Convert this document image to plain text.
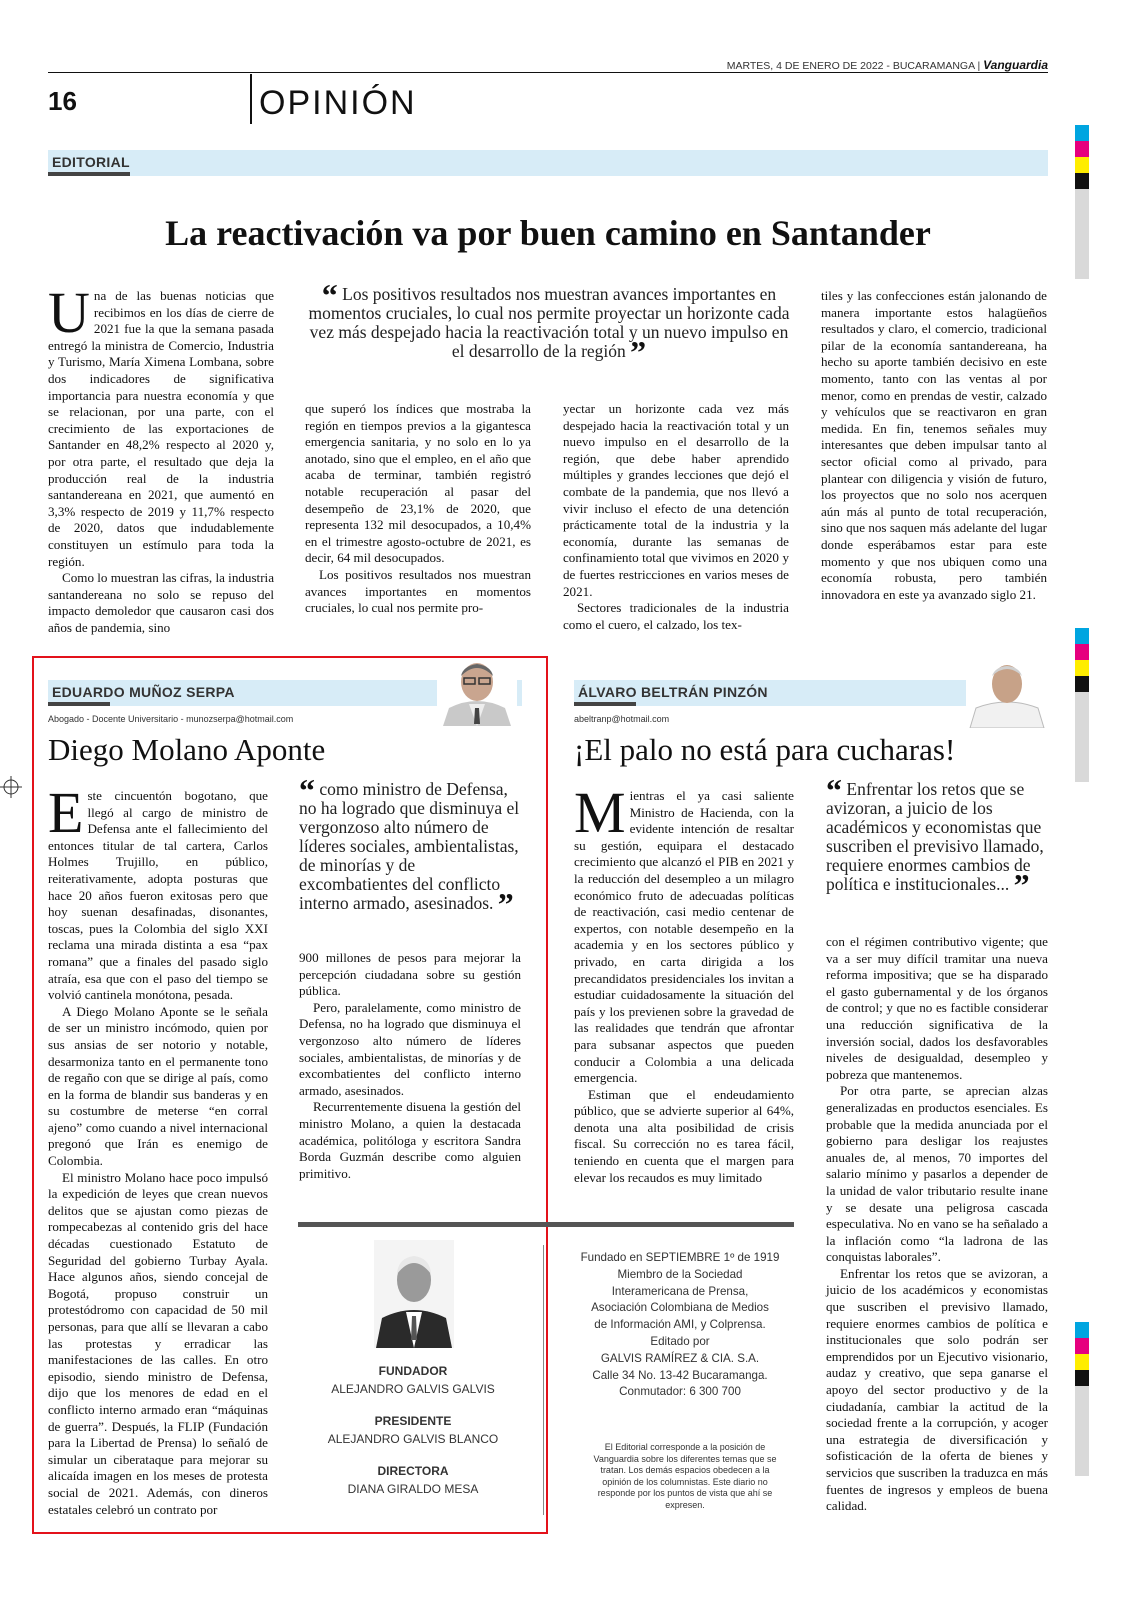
16	OPINIÓN
MARTES, 4 DE ENERO DE 2022 - BUCARAMANGA | Vanguardia
EDITORIAL
La reactivación va por buen camino en Santander

Una de las buenas noticias que recibimos en los días de cierre de 2021 fue la que la semana pasada entregó la ministra de Comercio, Industria y Turismo, María Ximena Lombana, sobre dos indicadores de significativa importancia para nuestra economía y que se relacionan, por una parte, con el crecimiento de las exportaciones de Santander en 48,2% respecto al 2020 y, por otra parte, el resultado que deja la producción real de la industria santandereana en 2021, que aumentó en 3,3% respecto de 2019 y 11,7% respecto de 2020, datos que indudablemente constituyen un estímulo para toda la región.

Como lo muestran las cifras, la industria santandereana no solo se repuso del impacto demoledor que causaron casi dos años de pandemia, sino

“ Los positivos resultados nos muestran avances importantes en momentos cruciales, lo cual nos permite proyectar un horizonte cada vez más despejado hacia la reactivación total y un nuevo impulso en el desarrollo de la región ”

que superó los índices que mostraba la región en tiempos previos a la gigantesca emergencia sanitaria, y no solo en lo ya anotado, sino que el empleo, en el año que acaba de terminar, también registró notable recuperación al pasar del desempeño de 23,1% de 2020, que representa 132 mil desocupados, a 10,4% en el trimestre agosto-octubre de 2021, es decir, 64 mil desocupados.

Los positivos resultados nos muestran avances importantes en momentos cruciales, lo cual nos permite pro-

yectar un horizonte cada vez más despejado hacia la reactivación total y un nuevo impulso en el desarrollo de la región, que debe haber aprendido múltiples y grandes lecciones que dejó el combate de la pandemia, que nos llevó a vivir incluso el efecto de una detención prácticamente total de la industria y la economía, durante las semanas de confinamiento total que vivimos en 2020 y de fuertes restricciones en varios meses de 2021.

Sectores tradicionales de la industria como el cuero, el calzado, los tex-

tiles y las confecciones están jalonando de manera importante estos halagüeños resultados y claro, el comercio, tradicional pilar de la economía santandereana, ha hecho su aporte también decisivo en este momento, tanto con las ventas al por menor, como en prendas de vestir, calzado y vehículos que se reactivaron en gran medida. En fin, tenemos señales muy interesantes que deben impulsar tanto al sector oficial como al privado, para plantear con diligencia y visión de futuro, los proyectos que no solo nos acerquen aún más al punto de total recuperación, sino que nos saquen más adelante del lugar donde esperábamos estar para este momento y que nos ubiquen como una economía robusta, pero también innovadora en este ya avanzado siglo 21.

EDUARDO MUÑOZ SERPA
Abogado - Docente Universitario - munozserpa@hotmail.com
Diego Molano Aponte

Este cincuentón bogotano, que llegó al cargo de ministro de Defensa ante el fallecimiento del entonces titular de tal cartera, Carlos Holmes Trujillo, en público, reiterativamente, adopta posturas que hace 20 años fueron exitosas pero que hoy suenan desafinadas, disonantes, toscas, pues la Colombia del siglo XXI reclama una mirada distinta a esa “pax romana” que a finales del pasado siglo atraía, esa que con el paso del tiempo se volvió cantinela monótona, pesada.

A Diego Molano Aponte se le señala de ser un ministro incómodo, quien por sus ansias de ser notorio y notable, desarmoniza tanto en el permanente tono de regaño con que se dirige al país, como en la forma de blandir sus banderas y en su costumbre de meterse “en corral ajeno” como cuando a nivel internacional pregonó que Irán es enemigo de Colombia.

El ministro Molano hace poco impulsó la expedición de leyes que crean nuevos delitos que se ajustan como piezas de rompecabezas al contenido gris del hace décadas cuestionado Estatuto de Seguridad del gobierno Turbay Ayala. Hace algunos años, siendo concejal de Bogotá, propuso construir un protestódromo con capacidad de 50 mil personas, para que allí se llevaran a cabo las protestas y erradicar las manifestaciones de las calles. En otro episodio, siendo ministro de Defensa, dijo que los menores de edad en el conflicto interno armado eran “máquinas de guerra”. Después, la FLIP (Fundación para la Libertad de Prensa) lo señaló de simular un ciberataque para mejorar su alicaída imagen en los meses de protesta social de 2021. Además, con dineros estatales celebró un contrato por

“ como ministro de Defensa, no ha logrado que disminuya el vergonzoso alto número de líderes sociales, ambientalistas, de minorías y de excombatientes del conflicto interno armado, asesinados. ”

900 millones de pesos para mejorar la percepción ciudadana sobre su gestión pública.

Pero, paralelamente, como ministro de Defensa, no ha logrado que disminuya el vergonzoso alto número de líderes sociales, ambientalistas, de minorías y de excombatientes del conflicto interno armado, asesinados.

Recurrentemente disuena la gestión del ministro Molano, a quien la destacada académica, politóloga y escritora Sandra Borda Guzmán describe como alguien primitivo.

ÁLVARO BELTRÁN PINZÓN
abeltranp@hotmail.com
¡El palo no está para cucharas!

Mientras el ya casi saliente Ministro de Hacienda, con la evidente intención de resaltar su gestión, equipara el destacado crecimiento que alcanzó el PIB en 2021 y la reducción del desempleo a un milagro económico fruto de adecuadas políticas de reactivación, casi medio centenar de expertos, con notable desempeño en la academia y en los sectores público y privado, en carta dirigida a los precandidatos presidenciales los invitan a estudiar cuidadosamente la situación del país y los previenen sobre la gravedad de las realidades que tendrán que afrontar para subsanar aspectos que pueden conducir a Colombia a una delicada emergencia.

Estiman que el endeudamiento público, que se advierte superior al 64%, denota una alta posibilidad de crisis fiscal. Su corrección no es tarea fácil, teniendo en cuenta que el margen para elevar los recaudos es muy limitado

“ Enfrentar los retos que se avizoran, a juicio de los académicos y economistas que suscriben el previsivo llamado, requiere enormes cambios de política e institucionales... ”

con el régimen contributivo vigente; que va a ser muy difícil tramitar una nueva reforma impositiva; que se ha disparado el gasto gubernamental y de los órganos de control; y que no es factible considerar una reducción significativa de la inversión social, dados los desfavorables niveles de desigualdad, desempleo y pobreza que mantenemos.

Por otra parte, se aprecian alzas generalizadas en productos esenciales. Es probable que la medida anunciada por el gobierno para desligar los reajustes anuales de, al menos, 70 importes del salario mínimo y pasarlos a depender de la unidad de valor tributario resulte inane y se desate una peligrosa cascada especulativa. No en vano se ha señalado a la inflación como “la ladrona de las conquistas laborales”.

Enfrentar los retos que se avizoran, a juicio de los académicos y economistas que suscriben el previsivo llamado, requiere enormes cambios de política e institucionales que solo podrán ser emprendidos por un Ejecutivo visionario, audaz y creativo, que sepa ganarse el apoyo del sector productivo y de la ciudadanía, cambiar la actitud de la sociedad frente a la corrupción, y acoger una estrategia de diversificación y sofisticación de la oferta de bienes y servicios que suscriben la traduzca en más fuentes de ingresos y empleos de buena calidad.

FUNDADOR
ALEJANDRO GALVIS GALVIS
PRESIDENTE
ALEJANDRO GALVIS BLANCO
DIRECTORA
DIANA GIRALDO MESA
Fundado en SEPTIEMBRE 1º de 1919
Miembro de la Sociedad
Interamericana de Prensa,
Asociación Colombiana de Medios
de Información AMI, y Colprensa.
Editado por
GALVIS RAMÍREZ & CIA. S.A.
Calle 34 No. 13-42 Bucaramanga.
Conmutador: 6 300 700
El Editorial corresponde a la posición de Vanguardia sobre los diferentes temas que se tratan. Los demás espacios obedecen a la opinión de los columnistas. Este diario no responde por los puntos de vista que ahí se expresen.
